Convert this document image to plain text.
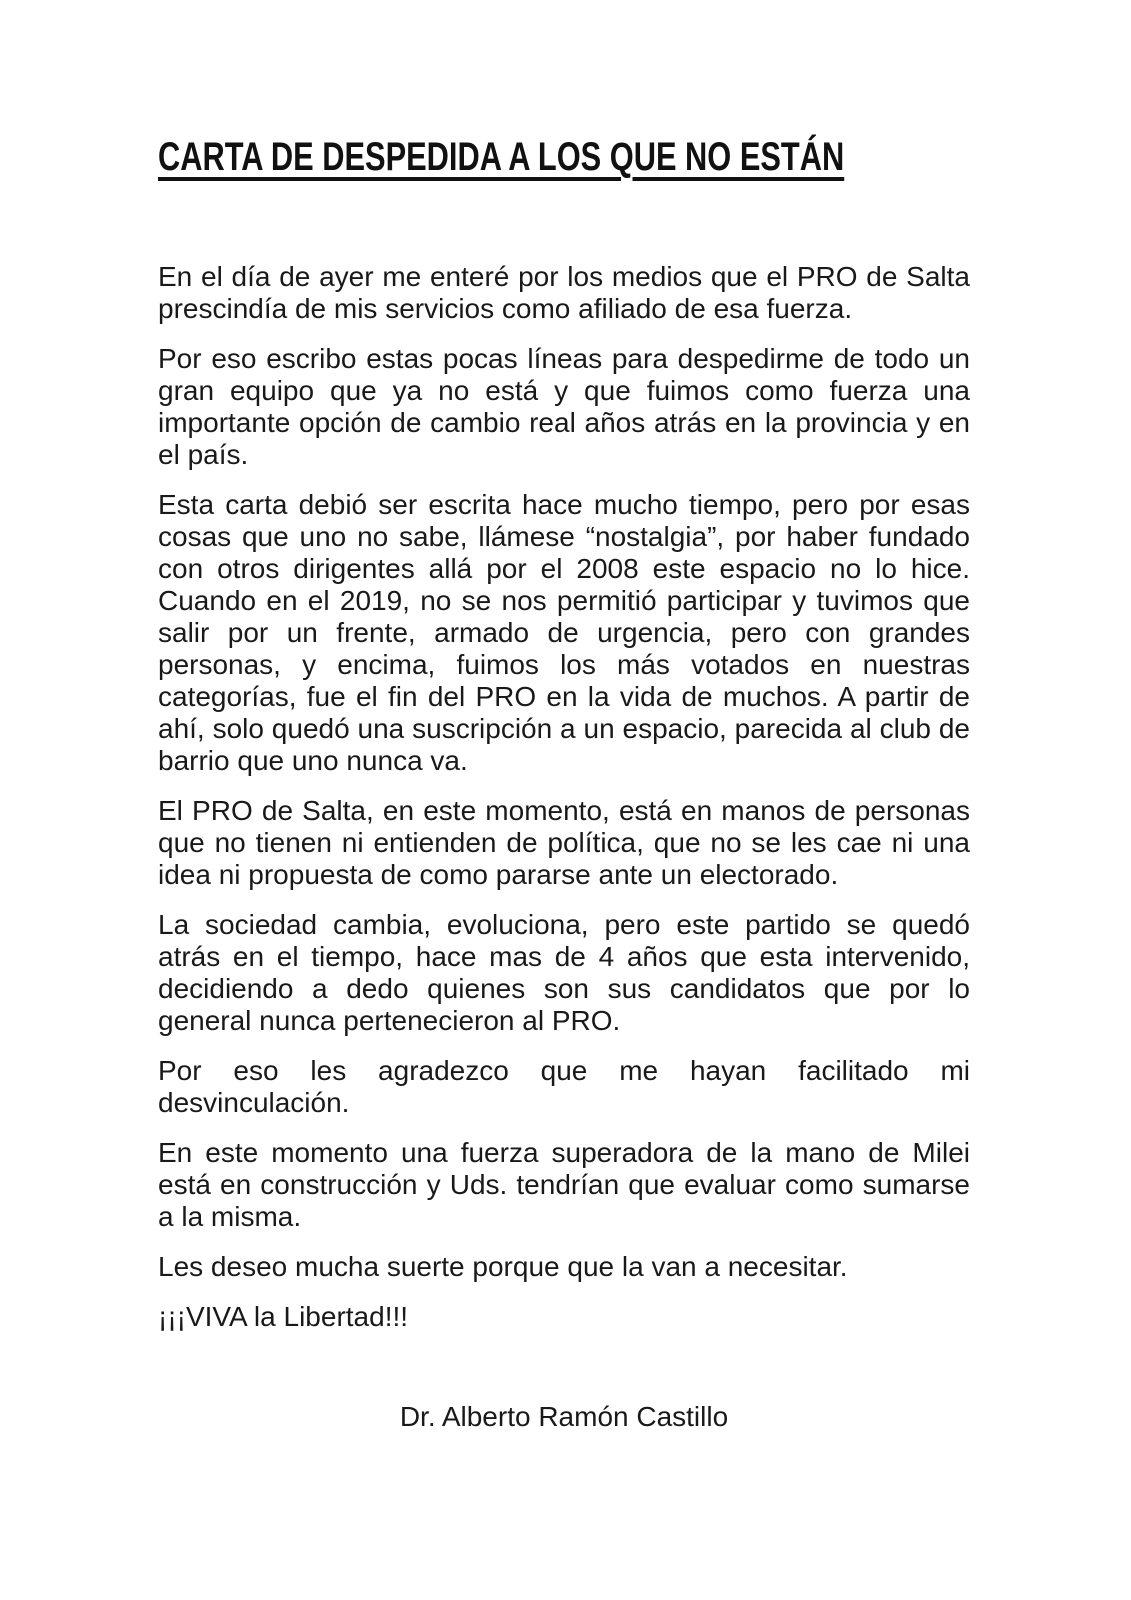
CARTA DE DESPEDIDA A LOS QUE NO ESTÁN

En el día de ayer me enteré por los medios que el PRO de Salta prescindía de mis servicios como afiliado de esa fuerza.

Por eso escribo estas pocas líneas para despedirme de todo un gran equipo que ya no está y que fuimos como fuerza una importante opción de cambio real años atrás en la provincia y en el país.

Esta carta debió ser escrita hace mucho tiempo, pero por esas cosas que uno no sabe, llámese “nostalgia”, por haber fundado con otros dirigentes allá por el 2008 este espacio no lo hice. Cuando en el 2019, no se nos permitió participar y tuvimos que salir por un frente, armado de urgencia, pero con grandes personas, y encima, fuimos los más votados en nuestras categorías, fue el fin del PRO en la vida de muchos. A partir de ahí, solo quedó una suscripción a un espacio, parecida al club de barrio que uno nunca va.

El PRO de Salta, en este momento, está en manos de personas que no tienen ni entienden de política, que no se les cae ni una idea ni propuesta de como pararse ante un electorado.

La sociedad cambia, evoluciona, pero este partido se quedó atrás en el tiempo, hace mas de 4 años que esta intervenido, decidiendo a dedo quienes son sus candidatos que por lo general nunca pertenecieron al PRO.

Por eso les agradezco que me hayan facilitado mi desvinculación.

En este momento una fuerza superadora de la mano de Milei está en construcción y Uds. tendrían que evaluar como sumarse a la misma.

Les deseo mucha suerte porque que la van a necesitar.

¡¡¡VIVA la Libertad!!!

Dr. Alberto Ramón Castillo
